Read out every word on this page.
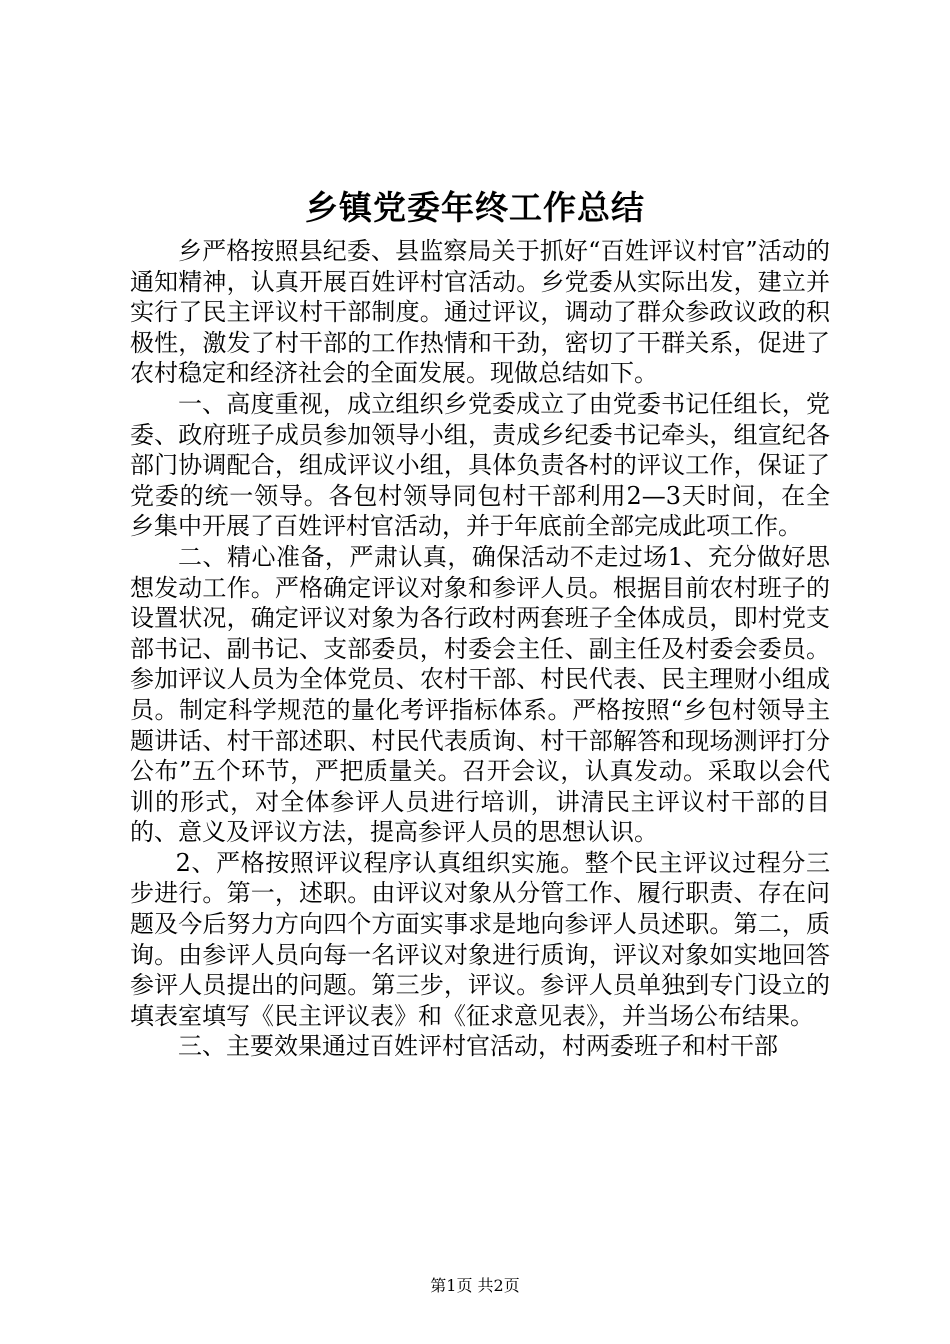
乡镇党委年终工作总结

乡严格按照县纪委、县监察局关于抓好“百姓评议村官”活动的通知精神，认真开展百姓评村官活动。乡党委从实际出发，建立并实行了民主评议村干部制度。通过评议，调动了群众参政议政的积极性，激发了村干部的工作热情和干劲，密切了干群关系，促进了农村稳定和经济社会的全面发展。现做总结如下。

一、高度重视，成立组织乡党委成立了由党委书记任组长，党委、政府班子成员参加领导小组，责成乡纪委书记牵头，组宣纪各部门协调配合，组成评议小组，具体负责各村的评议工作，保证了党委的统一领导。各包村领导同包村干部利用2—3天时间，在全乡集中开展了百姓评村官活动，并于年底前全部完成此项工作。

二、精心准备，严肃认真，确保活动不走过场1、充分做好思想发动工作。严格确定评议对象和参评人员。根据目前农村班子的设置状况，确定评议对象为各行政村两套班子全体成员，即村党支部书记、副书记、支部委员，村委会主任、副主任及村委会委员。参加评议人员为全体党员、农村干部、村民代表、民主理财小组成员。制定科学规范的量化考评指标体系。严格按照“乡包村领导主题讲话、村干部述职、村民代表质询、村干部解答和现场测评打分公布”五个环节，严把质量关。召开会议，认真发动。采取以会代训的形式，对全体参评人员进行培训，讲清民主评议村干部的目的、意义及评议方法，提高参评人员的思想认识。

2、严格按照评议程序认真组织实施。整个民主评议过程分三步进行。第一，述职。由评议对象从分管工作、履行职责、存在问题及今后努力方向四个方面实事求是地向参评人员述职。第二，质询。由参评人员向每一名评议对象进行质询，评议对象如实地回答参评人员提出的问题。第三步，评议。参评人员单独到专门设立的填表室填写《民主评议表》和《征求意见表》，并当场公布结果。

三、主要效果通过百姓评村官活动，村两委班子和村干部

第1页 共2页
